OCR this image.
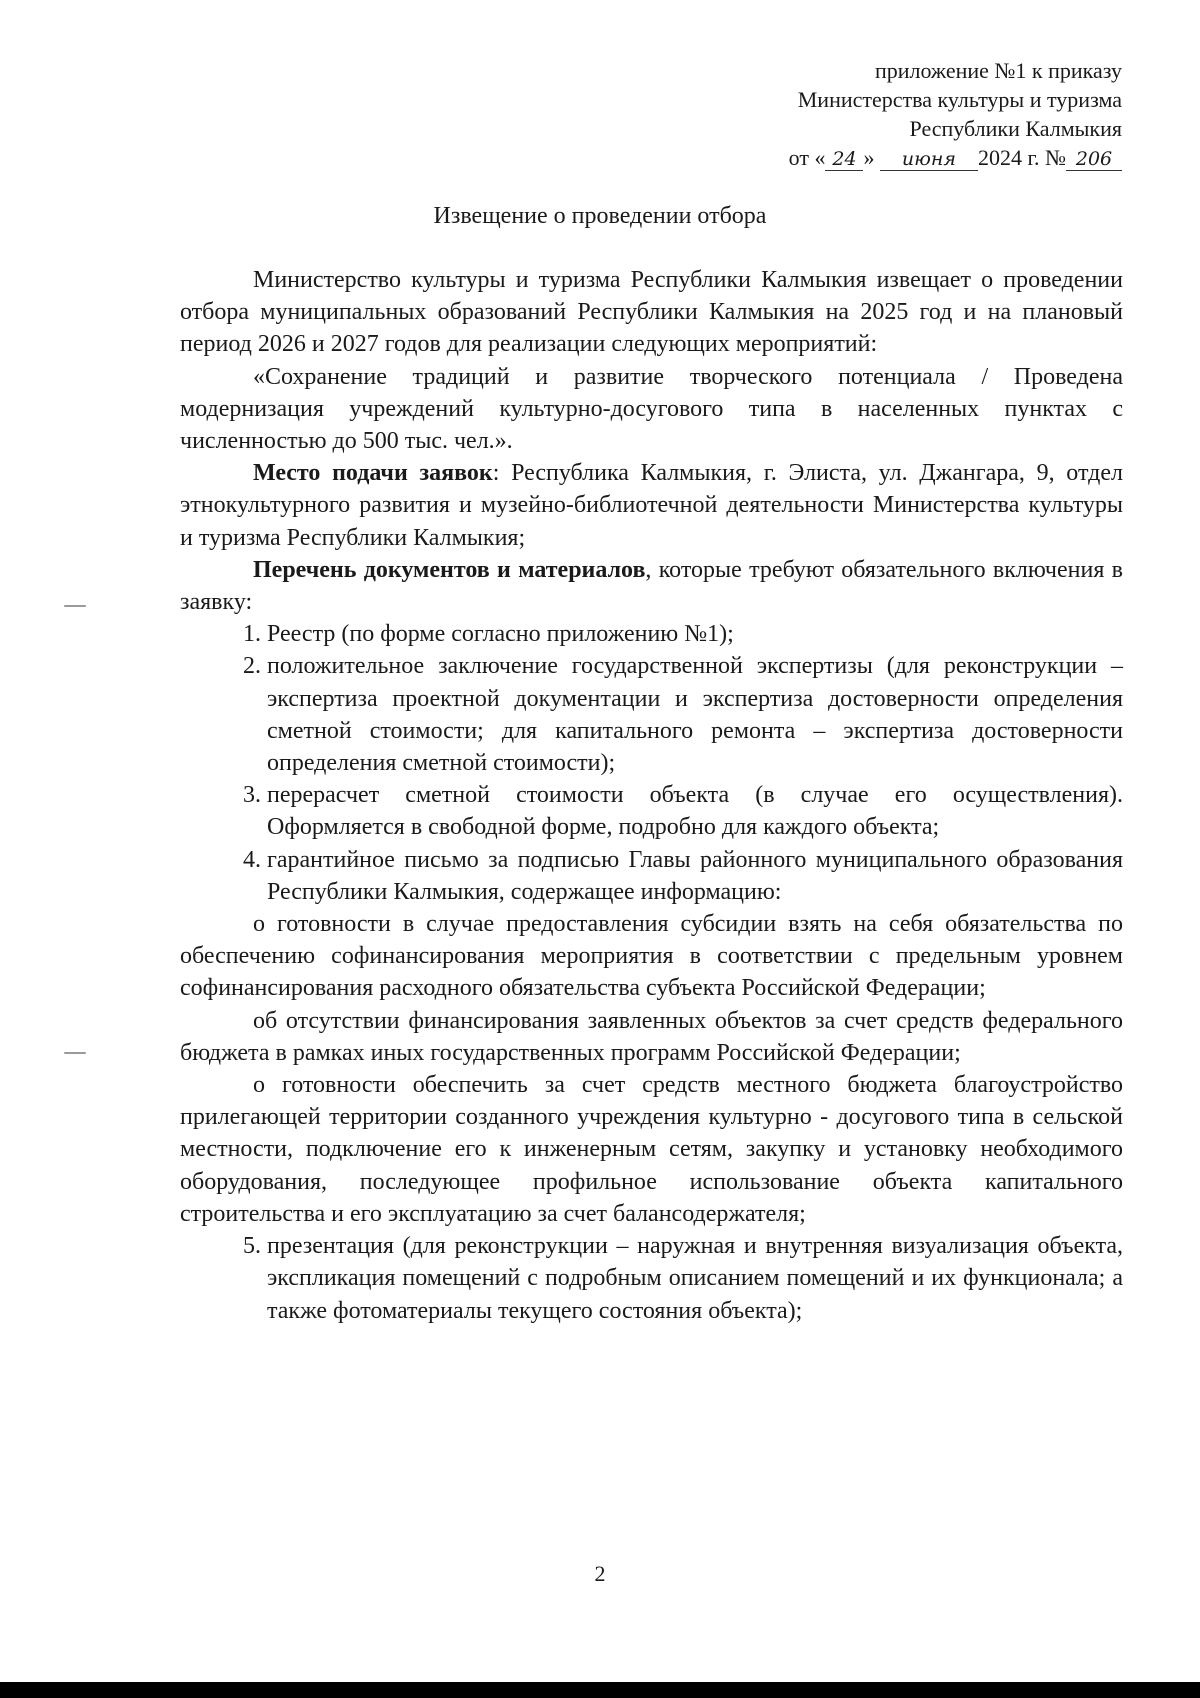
приложение №1 к приказу
Министерства культуры и туризма
Республики Калмыкия
от « 24 » июня 2024 г. № 206
Извещение о проведении отбора

Министерство культуры и туризма Республики Калмыкия извещает о проведении отбора муниципальных образований Республики Калмыкия на 2025 год и на плановый период 2026 и 2027 годов для реализации следующих мероприятий:

«Сохранение традиций и развитие творческого потенциала / Проведена модернизация учреждений культурно-досугового типа в населенных пунктах с численностью до 500 тыс. чел.».

Место подачи заявок: Республика Калмыкия, г. Элиста, ул. Джангара, 9, отдел этнокультурного развития и музейно-библиотечной деятельности Министерства культуры и туризма Республики Калмыкия;

Перечень документов и материалов, которые требуют обязательного включения в заявку:

1. Реестр (по форме согласно приложению №1);
2. положительное заключение государственной экспертизы (для реконструкции – экспертиза проектной документации и экспертиза достоверности определения сметной стоимости; для капитального ремонта – экспертиза достоверности определения сметной стоимости);
3. перерасчет сметной стоимости объекта (в случае его осуществления). Оформляется в свободной форме, подробно для каждого объекта;
4. гарантийное письмо за подписью Главы районного муниципального образования Республики Калмыкия, содержащее информацию:

о готовности в случае предоставления субсидии взять на себя обязательства по обеспечению софинансирования мероприятия в соответствии с предельным уровнем софинансирования расходного обязательства субъекта Российской Федерации;

об отсутствии финансирования заявленных объектов за счет средств федерального бюджета в рамках иных государственных программ Российской Федерации;

о готовности обеспечить за счет средств местного бюджета благоустройство прилегающей территории созданного учреждения культурно - досугового типа в сельской местности, подключение его к инженерным сетям, закупку и установку необходимого оборудования, последующее профильное использование объекта капитального строительства и его эксплуатацию за счет балансодержателя;

5. презентация (для реконструкции – наружная и внутренняя визуализация объекта, экспликация помещений с подробным описанием помещений и их функционала; а также фотоматериалы текущего состояния объекта);
2
